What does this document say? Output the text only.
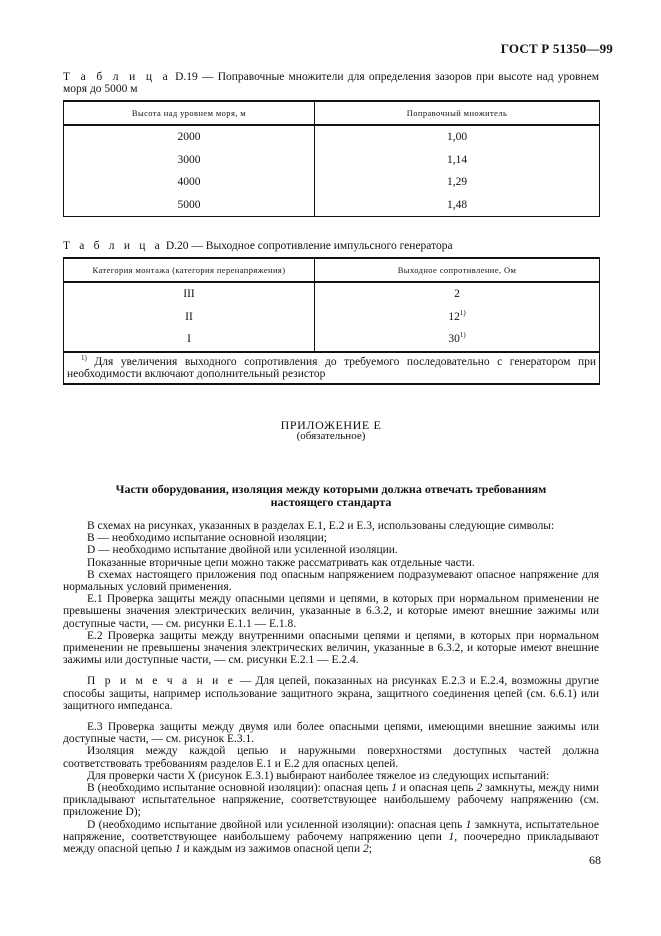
ГОСТ Р 51350—99
Т а б л и ц а D.19 — Поправочные множители для определения зазоров при высоте над уровнем моря до 5000 м
Высота над уровнем моря, м	Поправочный множитель
2000	1,00
3000	1,14
4000	1,29
5000	1,48
Т а б л и ц а D.20 — Выходное сопротивление импульсного генератора
Категория монтажа (категория перенапряжения)	Выходное сопротивление, Ом
III	2
II	12$^{1)}$
I	30$^{1)}$
$^{1)}$ Для увеличения выходного сопротивления до требуемого последовательно с генератором при необходимости включают дополнительный резистор	
ПРИЛОЖЕНИЕ Е
(обязательное)
Части оборудования, изоляция между которыми должна отвечать требованиям
настоящего стандарта

В схемах на рисунках, указанных в разделах Е.1, Е.2 и Е.3, использованы следующие символы:

В — необходимо испытание основной изоляции;

D — необходимо испытание двойной или усиленной изоляции.

Показанные вторичные цепи можно также рассматривать как отдельные части.

В схемах настоящего приложения под опасным напряжением подразумевают опасное напряжение для нормальных условий применения.

Е.1 Проверка защиты между опасными цепями и цепями, в которых при нормальном применении не превышены значения электрических величин, указанные в 6.3.2, и которые имеют внешние зажимы или доступные части, — см. рисунки Е.1.1 — Е.1.8.

Е.2 Проверка защиты между внутренними опасными цепями и цепями, в которых при нормальном применении не превышены значения электрических величин, указанные в 6.3.2, и которые имеют внешние зажимы или доступные части, — см. рисунки Е.2.1 — Е.2.4.

П р и м е ч а н и е — Для цепей, показанных на рисунках Е.2.3 и Е.2.4, возможны другие способы защиты, например использование защитного экрана, защитного соединения цепей (см. 6.6.1) или защитного импеданса.

Е.3 Проверка защиты между двумя или более опасными цепями, имеющими внешние зажимы или доступные части, — см. рисунок Е.3.1.

Изоляция между каждой цепью и наружными поверхностями доступных частей должна соответствовать требованиям разделов Е.1 и Е.2 для опасных цепей.

Для проверки части Х (рисунок Е.3.1) выбирают наиболее тяжелое из следующих испытаний:

В (необходимо испытание основной изоляции): опасная цепь 1 и опасная цепь 2 замкнуты, между ними прикладывают испытательное напряжение, соответствующее наибольшему рабочему напряжению (см. приложение D);

D (необходимо испытание двойной или усиленной изоляции): опасная цепь 1 замкнута, испытательное напряжение, соответствующее наибольшему рабочему напряжению цепи 1, поочередно прикладывают между опасной цепью 1 и каждым из зажимов опасной цепи 2;

68
